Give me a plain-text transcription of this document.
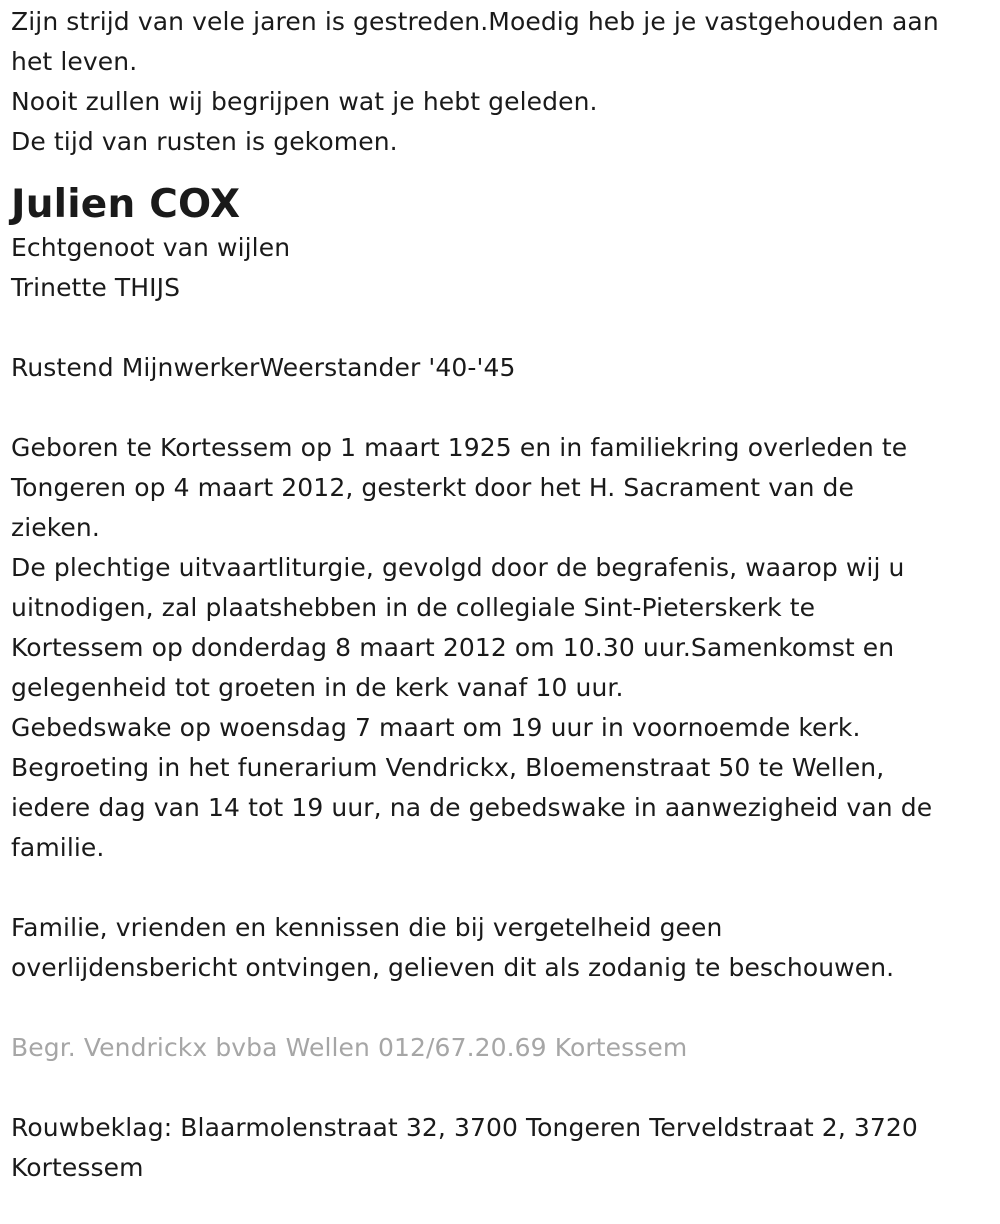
Zijn strijd van vele jaren is gestreden.Moedig heb je je vastgehouden aan
het leven.
Nooit zullen wij begrijpen wat je hebt geleden.
De tijd van rusten is gekomen.
Julien COX
Echtgenoot van wijlen
Trinette THIJS
Rustend MijnwerkerWeerstander '40-'45
Geboren te Kortessem op 1 maart 1925 en in familiekring overleden te
Tongeren op 4 maart 2012, gesterkt door het H. Sacrament van de
zieken.
De plechtige uitvaartliturgie, gevolgd door de begrafenis, waarop wij u
uitnodigen, zal plaatshebben in de collegiale Sint-Pieterskerk te
Kortessem op donderdag 8 maart 2012 om 10.30 uur.Samenkomst en
gelegenheid tot groeten in de kerk vanaf 10 uur.
Gebedswake op woensdag 7 maart om 19 uur in voornoemde kerk.
Begroeting in het funerarium Vendrickx, Bloemenstraat 50 te Wellen,
iedere dag van 14 tot 19 uur, na de gebedswake in aanwezigheid van de
familie.
Familie, vrienden en kennissen die bij vergetelheid geen
overlijdensbericht ontvingen, gelieven dit als zodanig te beschouwen.
Begr. Vendrickx bvba Wellen 012/67.20.69 Kortessem
Rouwbeklag: Blaarmolenstraat 32, 3700 Tongeren Terveldstraat 2, 3720
Kortessem
